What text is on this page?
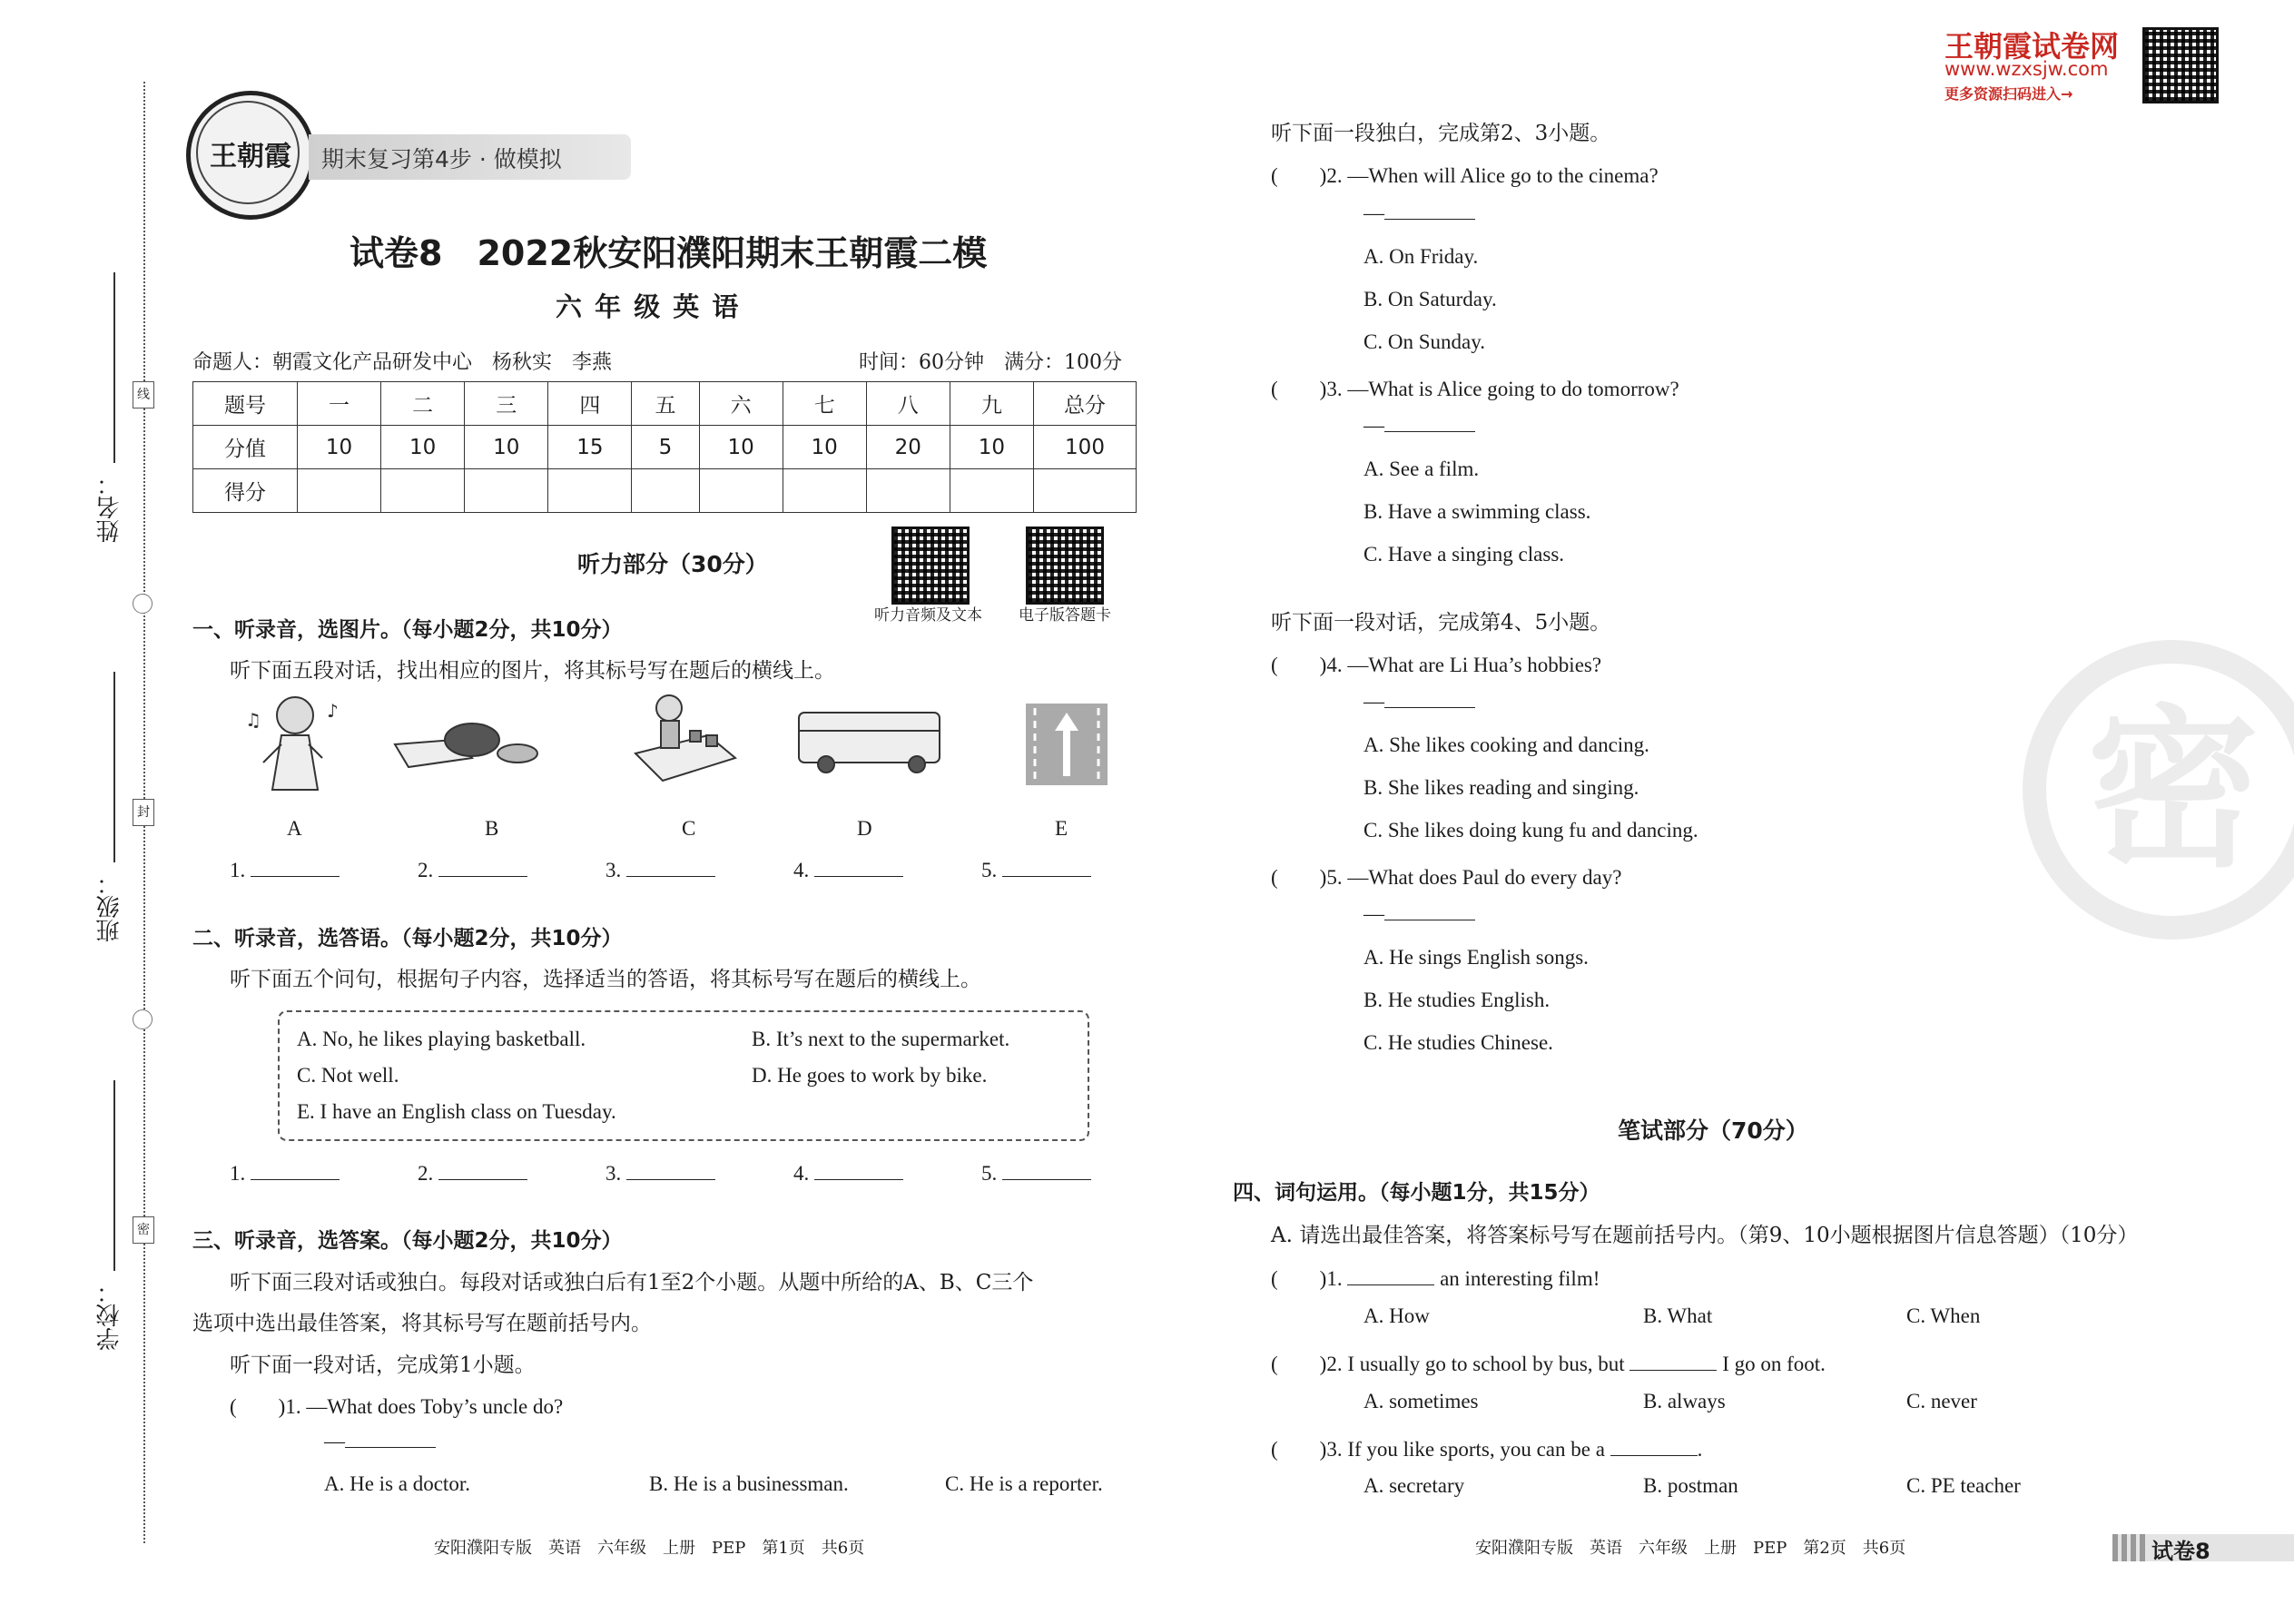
线
封
密
姓名：
班级：
学校：
王朝霞	期末复习第4步 · 做模拟
试卷8　2022秋安阳濮阳期末王朝霞二模
六 年 级 英 语
命题人：朝霞文化产品研发中心　杨秋实　李燕	时间：60分钟　满分：100分
题号	一	二	三	四	五	六	七	八	九	总分
分值	10	10	10	15	5	10	10	20	10	100
得分										
听力部分（30分）
听力音频及文本 电子版答题卡
一、听录音，选图片。（每小题2分，共10分）
听下面五段对话，找出相应的图片，将其标号写在题后的横线上。
♪
♫
A	B	C	D	E
1.	2.	3.	4.	5.
二、听录音，选答语。（每小题2分，共10分）
听下面五个问句，根据句子内容，选择适当的答语，将其标号写在题后的横线上。
A. No, he likes playing basketball.	B. It’s next to the supermarket.
C. Not well.	D. He goes to work by bike.
E. I have an English class on Tuesday.
1.	2.	3.	4.	5.
三、听录音，选答案。（每小题2分，共10分）
听下面三段对话或独白。每段对话或独白后有1至2个小题。从题中所给的A、B、C三个
选项中选出最佳答案，将其标号写在题前括号内。
听下面一段对话，完成第1小题。
(　　)1. —What does Toby’s uncle do?
—
A. He is a doctor.	B. He is a businessman.	C. He is a reporter.
安阳濮阳专版　英语　六年级　上册　PEP　第1页　共6页
王朝霞试卷网
www.wzxsjw.com
更多资源扫码进入→
密
听下面一段独白，完成第2、3小题。
(　　)2. —When will Alice go to the cinema?
—
A. On Friday.
B. On Saturday.
C. On Sunday.
(　　)3. —What is Alice going to do tomorrow?
—
A. See a film.
B. Have a swimming class.
C. Have a singing class.
听下面一段对话，完成第4、5小题。
(　　)4. —What are Li Hua’s hobbies?
—
A. She likes cooking and dancing.
B. She likes reading and singing.
C. She likes doing kung fu and dancing.
(　　)5. —What does Paul do every day?
—
A. He sings English songs.
B. He studies English.
C. He studies Chinese.
笔试部分（70分）
四、词句运用。（每小题1分，共15分）
A. 请选出最佳答案，将答案标号写在题前括号内。（第9、10小题根据图片信息答题）（10分）
(　　)1.	an interesting film!
A. How	B. What	C. When
(　　)2. I usually go to school by bus, but	I go on foot.
A. sometimes	B. always	C. never
(　　)3. If you like sports, you can be a	.
A. secretary	B. postman	C. PE teacher
安阳濮阳专版　英语　六年级　上册　PEP　第2页　共6页	试卷8
